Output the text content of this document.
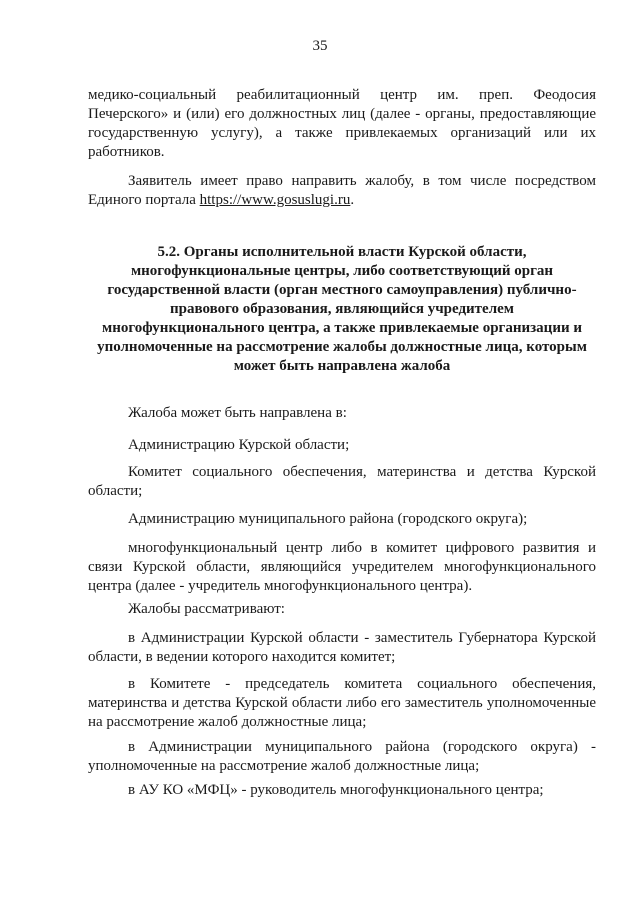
35
медико-социальный реабилитационный центр им. преп. Феодосия Печерского» и (или) его должностных лиц (далее - органы, предоставляющие государственную услугу), а также привлекаемых организаций или их работников.
Заявитель имеет право направить жалобу, в том числе посредством Единого портала https://www.gosuslugi.ru.
5.2. Органы исполнительной власти Курской области,
многофункциональные центры, либо соответствующий орган
государственной власти (орган местного самоуправления) публично-
правового образования, являющийся учредителем
многофункционального центра, а также привлекаемые организации и
уполномоченные на рассмотрение жалобы должностные лица, которым
может быть направлена жалоба
Жалоба может быть направлена в:
Администрацию Курской области;
Комитет социального обеспечения, материнства и детства Курской области;
Администрацию муниципального района (городского округа);
многофункциональный центр либо в комитет цифрового развития и связи Курской области, являющийся учредителем многофункционального центра (далее - учредитель многофункционального центра).
Жалобы рассматривают:
в Администрации Курской области - заместитель Губернатора Курской области, в ведении которого находится комитет;
в Комитете - председатель комитета социального обеспечения, материнства и детства Курской области либо его заместитель уполномоченные на рассмотрение жалоб должностные лица;
в Администрации муниципального района (городского округа) - уполномоченные на рассмотрение жалоб должностные лица;
в АУ КО «МФЦ» - руководитель многофункционального центра;
